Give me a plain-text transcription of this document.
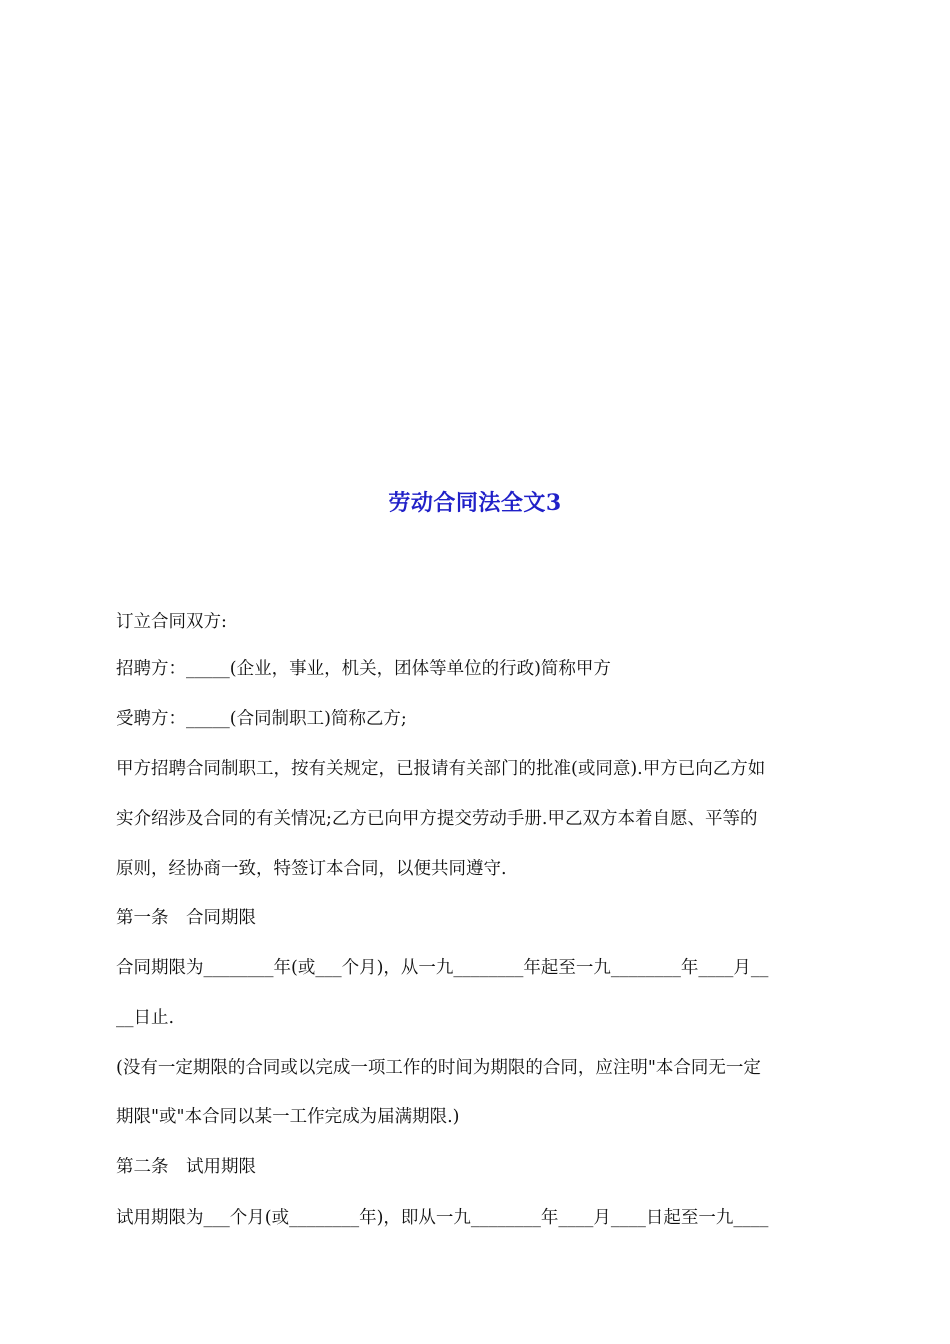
劳动合同法全文3
订立合同双方:
招聘方：_____(企业，事业，机关，团体等单位的行政)简称甲方
受聘方：_____(合同制职工)简称乙方;
甲方招聘合同制职工，按有关规定，已报请有关部门的批准(或同意).甲方已向乙方如
实介绍涉及合同的有关情况;乙方已向甲方提交劳动手册.甲乙双方本着自愿、平等的
原则，经协商一致，特签订本合同，以便共同遵守.
第一条　合同期限
合同期限为________年(或___个月)，从一九________年起至一九________年____月__
__日止.
(没有一定期限的合同或以完成一项工作的时间为期限的合同，应注明"本合同无一定
期限"或"本合同以某一工作完成为届满期限.)
第二条　试用期限
试用期限为___个月(或________年)，即从一九________年____月____日起至一九____
